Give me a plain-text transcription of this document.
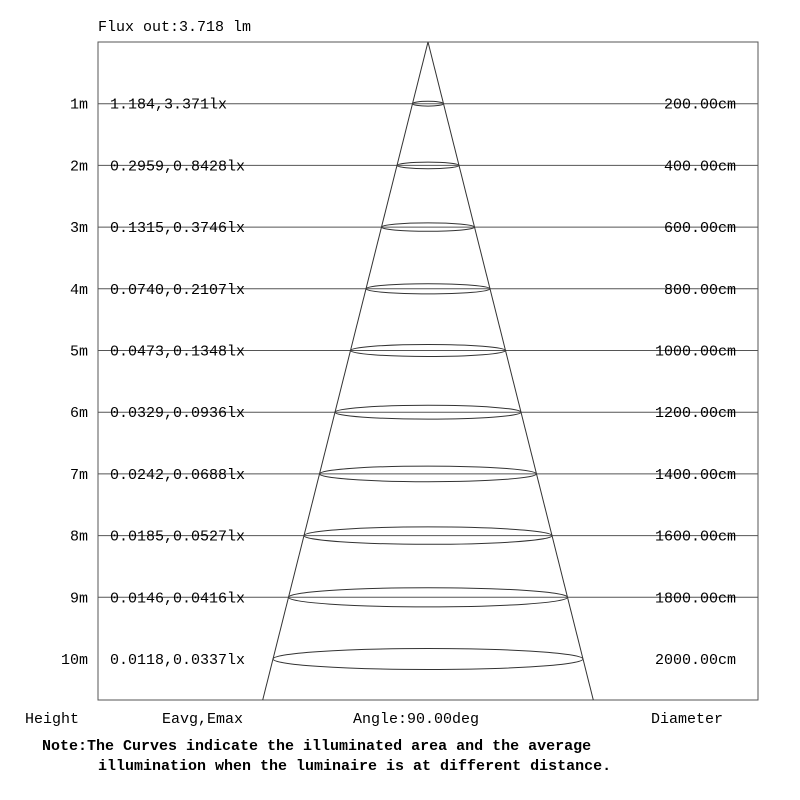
Flux out:3.718 lm
1m 1.184,3.371lx	200.00cm
2m 0.2959,0.8428lx	400.00cm
3m 0.1315,0.3746lx	600.00cm
4m 0.0740,0.2107lx	800.00cm
5m 0.0473,0.1348lx	1000.00cm
6m 0.0329,0.0936lx	1200.00cm
7m 0.0242,0.0688lx	1400.00cm
8m 0.0185,0.0527lx	1600.00cm
9m 0.0146,0.0416lx	1800.00cm
10m 0.0118,0.0337lx	2000.00cm
Height	Eavg,Emax	Angle:90.00deg	Diameter
Note:The Curves indicate the illuminated area and the average
illumination when the luminaire is at different distance.
